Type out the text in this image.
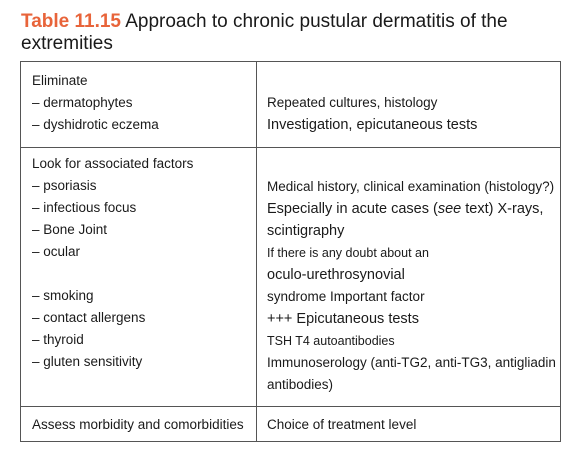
Table 11.15 Approach to chronic pustular dermatitis of the extremities
Eliminate
– dermatophytes
– dyshidrotic eczema
Repeated cultures, histology
Investigation, epicutaneous tests
Look for associated factors
– psoriasis
– infectious focus
– Bone Joint
– ocular
– smoking
– contact allergens
– thyroid
– gluten sensitivity
Medical history, clinical examination (histology?)
Especially in acute cases (see text) X-rays,
scintigraphy
If there is any doubt about an
oculo-urethrosynovial
syndrome Important factor
+++ Epicutaneous tests
TSH T4 autoantibodies
Immunoserology (anti-TG2, anti-TG3, antigliadin
antibodies)
Assess morbidity and comorbidities Choice of treatment level
